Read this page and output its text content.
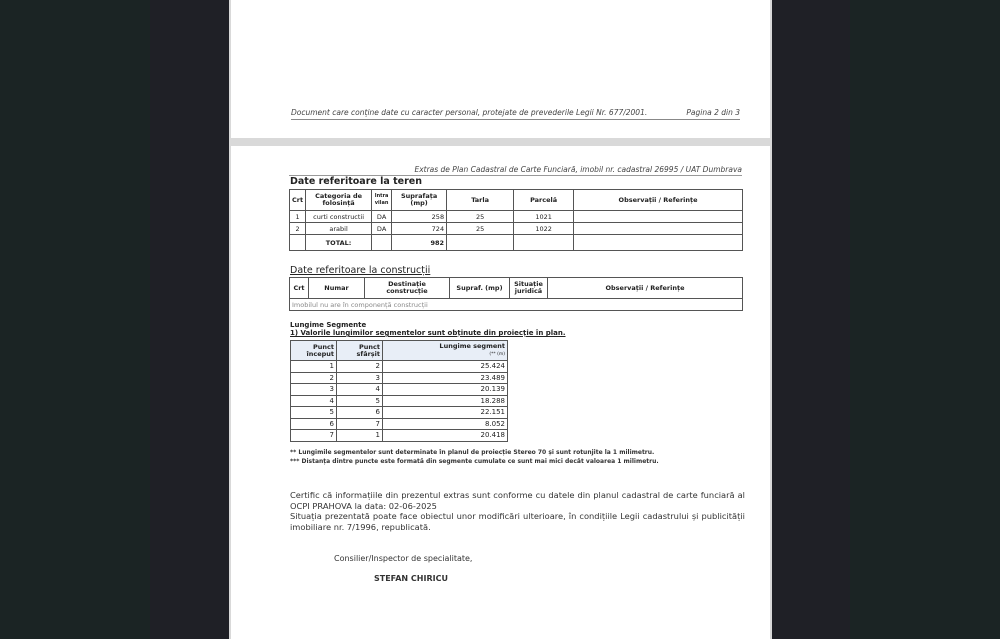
Document care conține date cu caracter personal, protejate de prevederile Legii Nr. 677/2001.	Pagina 2 din 3
Extras de Plan Cadastral de Carte Funciară, imobil nr. cadastral 26995 / UAT Dumbrava
Date referitoare la teren
Crt	Categoria de folosință	Intra vilan	Suprafața (mp)	Tarla	Parcelă	Observații / Referințe
1	curti constructii	DA	258	25	1021	
2	arabil	DA	724	25	1022	
	TOTAL:		982			
Date referitoare la construcții
Crt	Numar	Destinație construcție	Supraf. (mp)	Situație juridică	Observații / Referințe
Imobilul nu are în componență construcții
Lungime Segmente
1) Valorile lungimilor segmentelor sunt obținute din proiecție în plan.
Punct început	Punct sfârșit	Lungime segment
(** (m)
1	2	25.424
2	3	23.489
3	4	20.139
4	5	18.288
5	6	22.151
6	7	8.052
7	1	20.418
** Lungimile segmentelor sunt determinate în planul de proiecție Stereo 70 și sunt rotunjite la 1 milimetru.
*** Distanța dintre puncte este formată din segmente cumulate ce sunt mai mici decât valoarea 1 milimetru.
Certific că informațiile din prezentul extras sunt conforme cu datele din planul cadastral de carte funciară al OCPI PRAHOVA la data: 02-06-2025
Situația prezentată poate face obiectul unor modificări ulterioare, în condițiile Legii cadastrului și publicității imobiliare nr. 7/1996, republicată.
Consilier/Inspector de specialitate,
STEFAN CHIRICU
